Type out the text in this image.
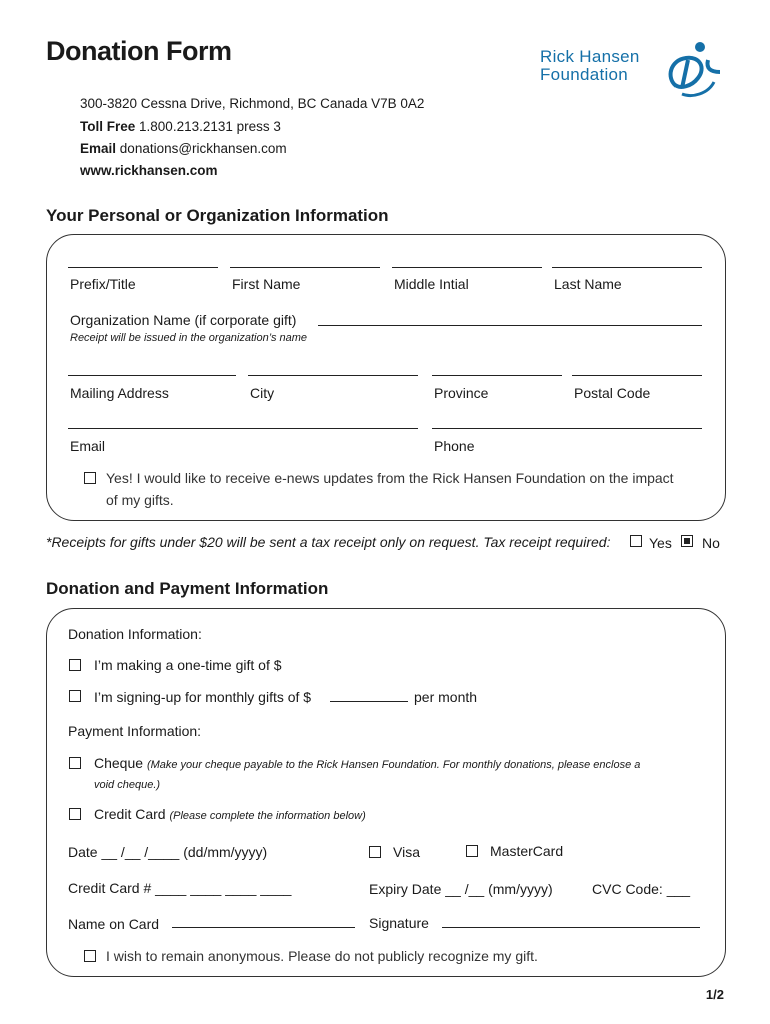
Donation Form
300-3820 Cessna Drive, Richmond, BC Canada V7B 0A2
Toll Free 1.800.213.2131 press 3
Email donations@rickhansen.com
www.rickhansen.com
Rick Hansen
Foundation
Your Personal or Organization Information
Prefix/Title	First Name	Middle Intial	Last Name
Organization Name (if corporate gift)
Receipt will be issued in the organization’s name
Mailing Address	City	Province	Postal Code
Email	Phone
Yes! I would like to receive e-news updates from the Rick Hansen Foundation on the impact
of my gifts.
*Receipts for gifts under $20 will be sent a tax receipt only on request. Tax receipt required:	Yes No
Donation and Payment Information
Donation Information:
I’m making a one-time gift of $
I’m signing-up for monthly gifts of $	per month
Payment Information:
Cheque (Make your cheque payable to the Rick Hansen Foundation. For monthly donations, please enclose a
void cheque.)
Credit Card (Please complete the information below)
Date __ /__ /____ (dd/mm/yyyy)	Visa	MasterCard
Credit Card # ____ ____ ____ ____	Expiry Date __ /__ (mm/yyyy)	CVC Code: ___
Name on Card	Signature
I wish to remain anonymous. Please do not publicly recognize my gift.
1/2
